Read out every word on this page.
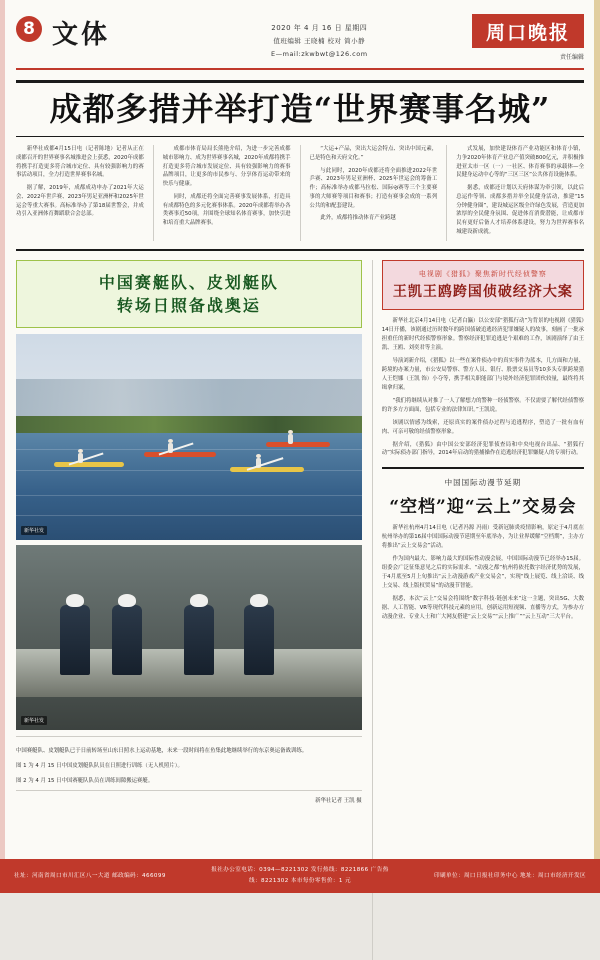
8 文体	2020 年 4 月 16 日 星期四
值班编辑 王晓楠 校对 简小静
E—mail:zkwbwt@126.com
周口晚报
责任编辑
成都多措并举打造“世界赛事名城”

新华社成都4月15日电（记者陈地）记者从正在成都召开的世界赛事名城推进会上获悉，2020年成都将携手打造更多符合城市定位、具有较强影响力的赛事活动项目，全力打造世界赛事名城。

据了解，2019年，成都成功申办了2021年大运会、2022年世乒赛、2023年男足亚洲杯和2025年世运会等重大赛事。高标准举办了第18届世警会，并成功引入亚洲体育舞蹈联合会总部。

成都市体育局局长熊艳介绍，为进一步完善成都城市影响力、成为世界赛事名城，2020年成都将携手打造更多符合城市发展定位、具有较强影响力的赛事品牌项目，让更多的市民参与、分享体育运动带来的快乐与健康。

同时，成都还将全面完善赛事发展体系，打造具有成都特色的多元化赛事体系。2020年成都将举办各类赛事近50项，并围绕全球知名体育赛事，加快引进和培育重大品牌赛事。

“大运+产品，突出大运会特点、突出中国元素，已是特色和天府文化。”

与此同时，2020年成都还将全面推进2022年世乒赛、2023年男足亚洲杯、2025年世运会的筹备工作；高标准举办成都马拉松、国际ણ赛等三个主要赛事的大师赛等项目和赛事；打造有赛事会成的一系列公共的和配套建设。

此外，成都将推动体育产业跨越

式发展，加快建设体育产业功能区和体育小镇，力争2020年体育产业总产值突破800亿元，并积极推进亚太市一区（一）一社区、体育赛事的承载体—全民健身运动中心等的“三区三区”公共体育设施体系。

据悉，成都还计划以天府体谋为牵引领，以此后总运作等领、成都多措并举全民健身活动，推建“15分钟健身圈”，建设城运区级全许绿色发展，营造更加浓厚的全民健身氛围、促进体育消费潜能，让成都市民有更好后备人才培养体系建设，努力为世界赛事名城建设新成就。

中国赛艇队、皮划艇队
转场日照备战奥运
新华社发
新华社发
中国赛艇队、皮划艇队已于日前转场至山东日照水上运动基地，未来一段时间将在鱼集此地继续举行的东京奥运备战训练。
图 1 为 4 月 15 日中国皮划艇队队员在日照进行训练（无人机照片）。
图 2 为 4 月 15 日中国赛艇队队员在训练间隙搬运赛艇。
新华社记者 王凯 摄
电视剧《猎狐》聚焦新时代经侦警察
王凯王鸥跨国侦破经济大案

新华社北京4月14日电（记者白瀛）以公安部“猎狐行动”为背景的电视剧《猎狐》14日开播，该剧通过历时数年的跨国侦破追逃经济犯罪嫌疑人的故事，刻画了一批承担重任的新时代经侦警察形象。警察经济犯罪追逃是个艰难的工作，该剧演绎了由王凯、王鸥、刘奕君等主演。

导演刘新介绍，《猎狐》以一些在案件侦办中的真实事件为蓝本，几方面和力量、跨境的办案力量，市公安局警察、警方人员、银行、股票交易员等10多头专职跨境猎人王恺娜（王凯 饰）小夺等，携手相关职能部门与境外经济犯罪团伙较量，最终将其缉拿归案。

“我们将继续从对推了一人了解想力的警种一经侦警察。不仅需要了解代经侦警察的许多方方面面，包括专业的法律知识。”王凯说。

该剧以情感为线索，还原真实的案件侦办过程与追逃程序，塑造了一批有血有肉、可亲可敬的经侦警察形象。

据介绍，《猎狐》由中国公安部经济犯罪侦查局和中央电视台出品、“猎狐行动”实际侦办部门指导，2014年启动的猎捕操作在追逃经济犯罪嫌疑人的专项行动。

中国国际动漫节延期
“空档”迎“云上”交易会

新华社杭州4月14日电（记者冯源 冯雨）受新冠肺炎疫情影响，原定于4月底在杭州举办的第16届中国国际动漫节延期至年底举办，为让业界缓解“空档期”，主办方将推出“云上交易会”活动。

作为国内最大、影响力最大的国际性动漫会展，中国国际动漫节已经举办15届。组委会广泛征集意见之后的实际需求、“动漫之都”杭州将依托数字经济优势的发展，于4月底至5月上旬推出“云上动漫游戏产业交易会”，实现“线上展览、线上洽谈、线上交易、线上版权贸易”的动漫节智能。

据悉，本次“云上”交易会将围绕“数字科技·链创未来”这一主题，突出5G、大数据、人工智能、VR等现代科技元素的应用，创新运用短视频、直播等方式，为参办方动漫企业、专业人士和广大网友搭建“云上交易”“云上推广”“云上互动”三大平台。

社址：河南省周口市川汇区八一大道 邮政编码：466099
报社办公室电话：0394—8221302 发行热线：8221866 广告热线：8221302 本市每份零售价：1 元
印刷单位：周口日报社印务中心 地址：周口市经济开发区
